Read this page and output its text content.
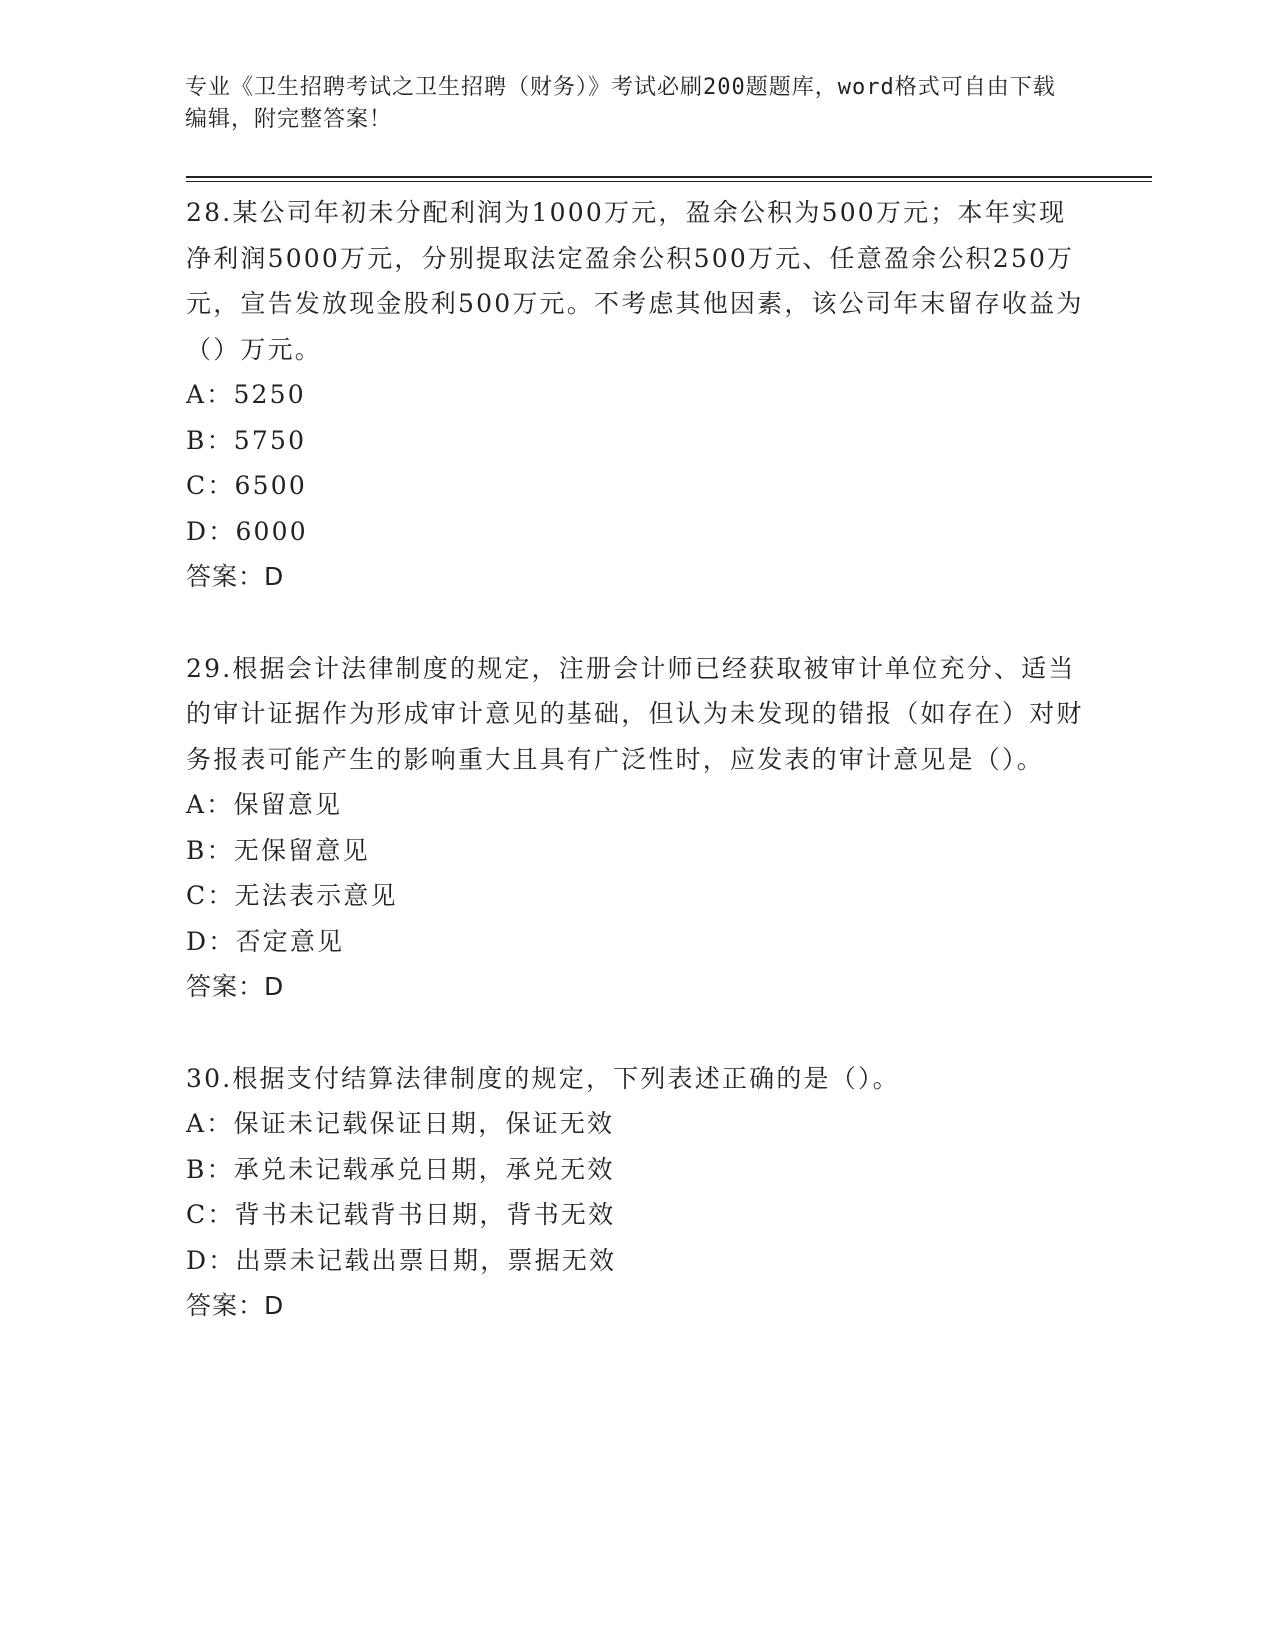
专业《卫生招聘考试之卫生招聘（财务）》考试必刷200题题库，word格式可自由下载编辑，附完整答案！

28.某公司年初未分配利润为1000万元，盈余公积为500万元；本年实现净利润5000万元，分别提取法定盈余公积500万元、任意盈余公积250万元，宣告发放现金股利500万元。不考虑其他因素，该公司年末留存收益为（）万元。

A：5250

B：5750

C：6500

D：6000

答案：D

29.根据会计法律制度的规定，注册会计师已经获取被审计单位充分、适当的审计证据作为形成审计意见的基础，但认为未发现的错报（如存在）对财务报表可能产生的影响重大且具有广泛性时，应发表的审计意见是（）。

A：保留意见

B：无保留意见

C：无法表示意见

D：否定意见

答案：D

30.根据支付结算法律制度的规定，下列表述正确的是（）。

A：保证未记载保证日期，保证无效

B：承兑未记载承兑日期，承兑无效

C：背书未记载背书日期，背书无效

D：出票未记载出票日期，票据无效

答案：D
